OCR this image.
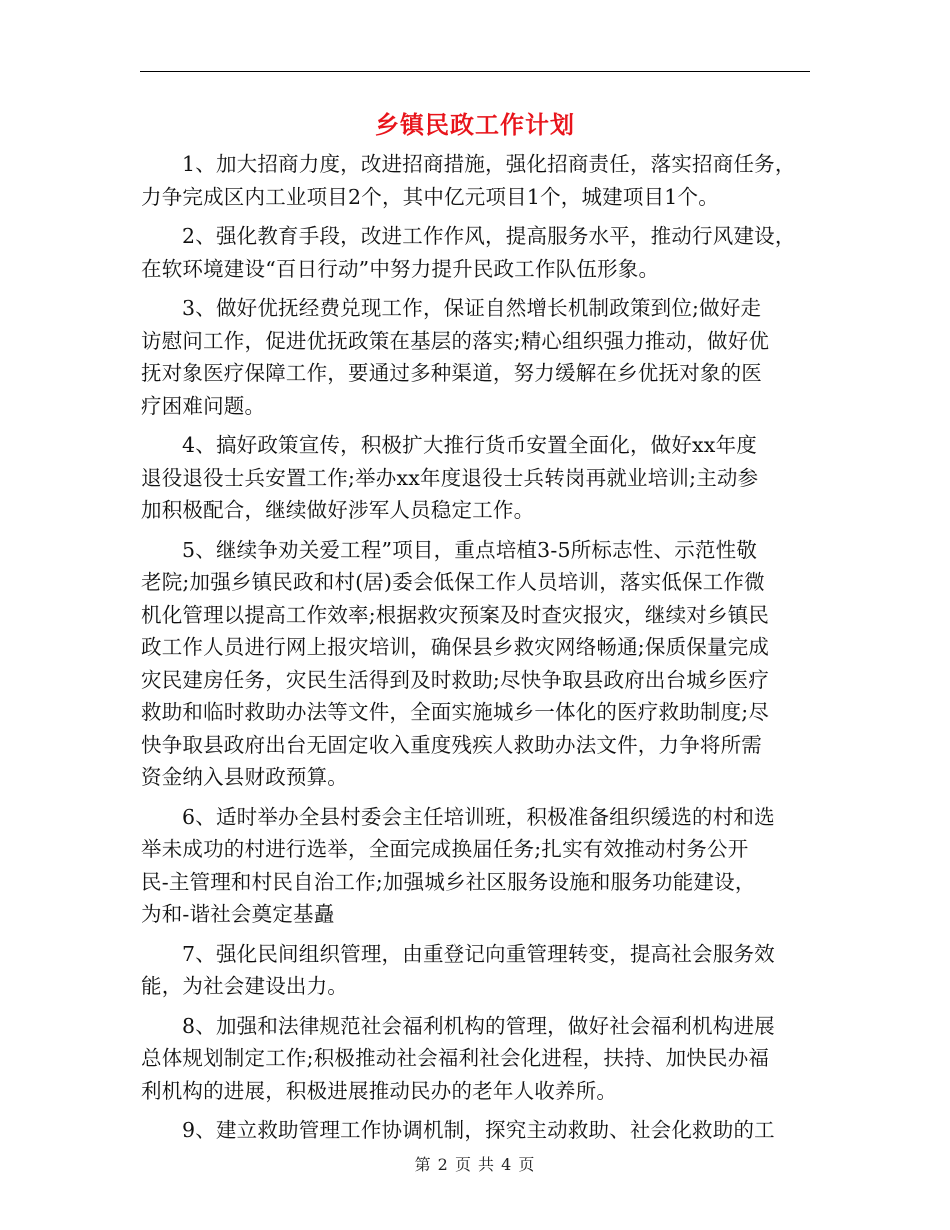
乡镇民政工作计划

1、加大招商力度，改进招商措施，强化招商责任，落实招商任务，
力争完成区内工业项目2个，其中亿元项目1个，城建项目1个。

2、强化教育手段，改进工作作风，提高服务水平，推动行风建设，
在软环境建设“百日行动”中努力提升民政工作队伍形象。

3、做好优抚经费兑现工作，保证自然增长机制政策到位;做好走
访慰问工作，促进优抚政策在基层的落实;精心组织强力推动，做好优
抚对象医疗保障工作，要通过多种渠道，努力缓解在乡优抚对象的医
疗困难问题。

4、搞好政策宣传，积极扩大推行货币安置全面化，做好xx年度
退役退役士兵安置工作;举办xx年度退役士兵转岗再就业培训;主动参
加积极配合，继续做好涉军人员稳定工作。

5、继续争劝关爱工程”项目，重点培植3-5所标志性、示范性敬
老院;加强乡镇民政和村(居)委会低保工作人员培训，落实低保工作微
机化管理以提高工作效率;根据救灾预案及时查灾报灾，继续对乡镇民
政工作人员进行网上报灾培训，确保县乡救灾网络畅通;保质保量完成
灾民建房任务，灾民生活得到及时救助;尽快争取县政府出台城乡医疗
救助和临时救助办法等文件，全面实施城乡一体化的医疗救助制度;尽
快争取县政府出台无固定收入重度残疾人救助办法文件，力争将所需
资金纳入县财政预算。

6、适时举办全县村委会主任培训班，积极准备组织缓选的村和选
举未成功的村进行选举，全面完成换届任务;扎实有效推动村务公开
民-主管理和村民自治工作;加强城乡社区服务设施和服务功能建设，
为和-谐社会奠定基矗

7、强化民间组织管理，由重登记向重管理转变，提高社会服务效
能，为社会建设出力。

8、加强和法律规范社会福利机构的管理，做好社会福利机构进展
总体规划制定工作;积极推动社会福利社会化进程，扶持、加快民办福
利机构的进展，积极进展推动民办的老年人收养所。

9、建立救助管理工作协调机制，探究主动救助、社会化救助的工

第 2 页 共 4 页
